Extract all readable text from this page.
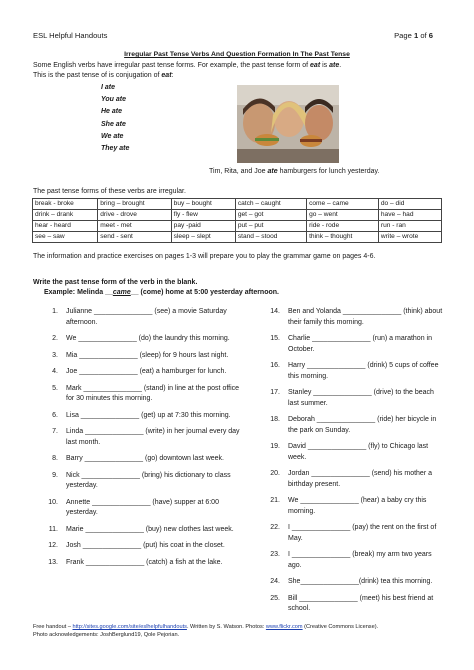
ESL Helpful Handouts	Page 1 of 6
Irregular Past Tense Verbs And Question Formation In The Past Tense
Some English verbs have irregular past tense forms. For example, the past tense form of eat is ate.
This is the past tense of is conjugation of eat:
I ate
You ate
He ate
She ate
We ate
They ate
Tim, Rita, and Joe ate hamburgers for lunch yesterday.
The past tense forms of these verbs are irregular.
break - broke	bring – brought	buy – bought	catch – caught	come – came	do – did
drink – drank	drive - drove	fly - flew	get – got	go – went	have – had
hear - heard	meet - met	pay -paid	put – put	ride - rode	run - ran
see – saw	send - sent	sleep – slept	stand – stood	think – thought	write – wrote
The information and practice exercises on pages 1-3 will prepare you to play the grammar game on pages 4-6.
Write the past tense form of the verb in the blank.
Example: Melinda __came__ (come) home at 5:00 yesterday afternoon.
1. Julianne _______________ (see) a movie Saturday afternoon.
2. We _______________ (do) the laundry this morning.
3. Mia _______________ (sleep) for 9 hours last night.
4. Joe _______________ (eat) a hamburger for lunch.
5. Mark _______________ (stand) in line at the post office for 30 minutes this morning.
6. Lisa _______________ (get) up at 7:30 this morning.
7. Linda _______________ (write) in her journal every day last month.
8. Barry _______________ (go) downtown last week.
9. Nick _______________ (bring) his dictionary to class yesterday.
10. Annette _______________ (have) supper at 6:00 yesterday.
11. Marie _______________ (buy) new clothes last week.
12. Josh _______________ (put) his coat in the closet.
13. Frank _______________ (catch) a fish at the lake.
14. Ben and Yolanda _______________ (think) about their family this morning.
15. Charlie _______________ (run) a marathon in October.
16. Harry _______________ (drink) 5 cups of coffee this morning.
17. Stanley _______________ (drive) to the beach last summer.
18. Deborah _______________ (ride) her bicycle in the park on Sunday.
19. David _______________ (fly) to Chicago last week.
20. Jordan _______________ (send) his mother a birthday present.
21. We _______________ (hear) a baby cry this morning.
22. I _______________ (pay) the rent on the first of May.
23. I _______________ (break) my arm two years ago.
24. She_______________(drink) tea this morning.
25. Bill _______________ (meet) his best friend at school.
Free handout – http://sites.google.com/site/eslhelpfulhandouts. Written by S. Watson. Photos: www.flickr.com (Creative Commons License).
Photo acknowledgements: JoshBerglund19, Qole Pejorian.
